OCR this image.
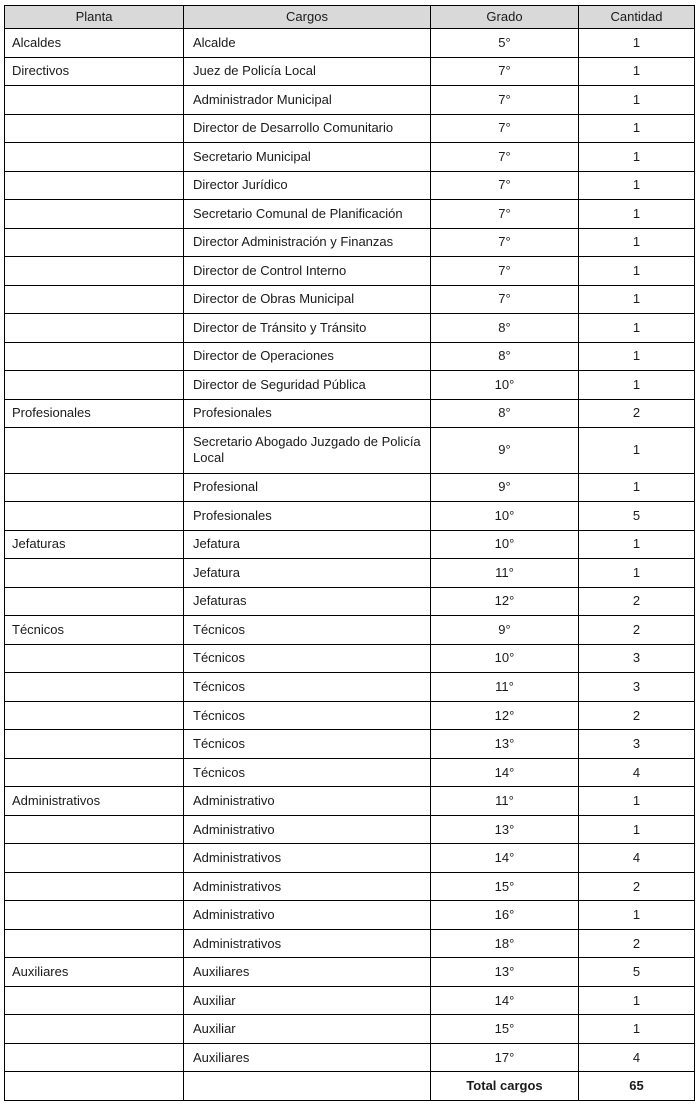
Planta	Cargos	Grado	Cantidad
Alcaldes	Alcalde	5°	1
Directivos	Juez de Policía Local	7°	1
	Administrador Municipal	7°	1
	Director de Desarrollo Comunitario	7°	1
	Secretario Municipal	7°	1
	Director Jurídico	7°	1
	Secretario Comunal de Planificación	7°	1
	Director Administración y Finanzas	7°	1
	Director de Control Interno	7°	1
	Director de Obras Municipal	7°	1
	Director de Tránsito y Tránsito	8°	1
	Director de Operaciones	8°	1
	Director de Seguridad Pública	10°	1
Profesionales	Profesionales	8°	2
	Secretario Abogado Juzgado de Policía Local	9°	1
	Profesional	9°	1
	Profesionales	10°	5
Jefaturas	Jefatura	10°	1
	Jefatura	11°	1
	Jefaturas	12°	2
Técnicos	Técnicos	9°	2
	Técnicos	10°	3
	Técnicos	11°	3
	Técnicos	12°	2
	Técnicos	13°	3
	Técnicos	14°	4
Administrativos	Administrativo	11°	1
	Administrativo	13°	1
	Administrativos	14°	4
	Administrativos	15°	2
	Administrativo	16°	1
	Administrativos	18°	2
Auxiliares	Auxiliares	13°	5
	Auxiliar	14°	1
	Auxiliar	15°	1
	Auxiliares	17°	4
		Total cargos	65
